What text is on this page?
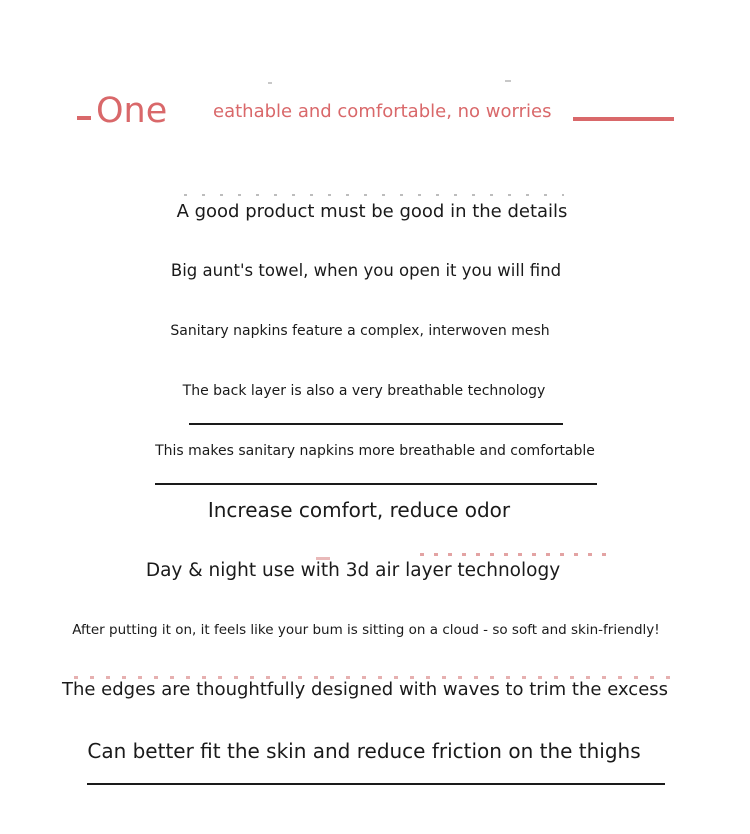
One	eathable and comfortable, no worries
A good product must be good in the details
Big aunt's towel, when you open it you will find
Sanitary napkins feature a complex, interwoven mesh
The back layer is also a very breathable technology
This makes sanitary napkins more breathable and comfortable
Increase comfort, reduce odor
Day & night use with 3d air layer technology
After putting it on, it feels like your bum is sitting on a cloud - so soft and skin-friendly!
The edges are thoughtfully designed with waves to trim the excess
Can better fit the skin and reduce friction on the thighs
